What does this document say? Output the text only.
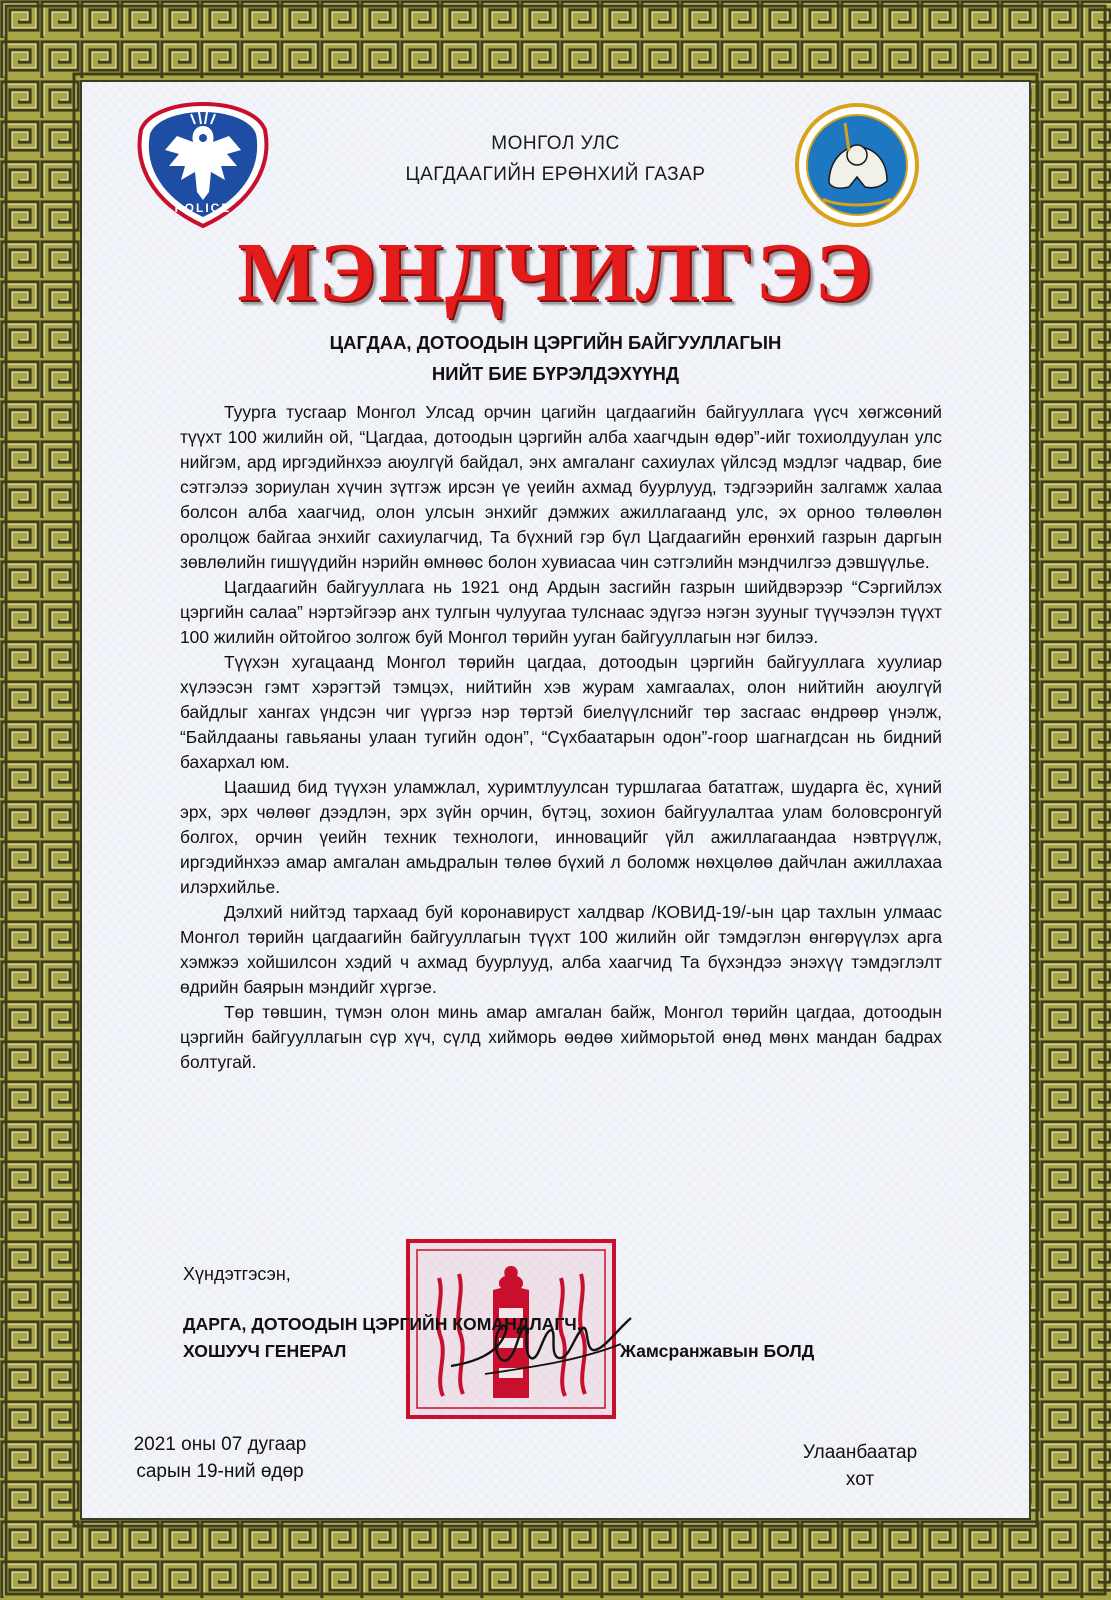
POLICE
МОНГОЛ УЛС
ЦАГДААГИЙН ЕРӨНХИЙ ГАЗАР
МЭНДЧИЛГЭЭ
ЦАГДАА, ДОТООДЫН ЦЭРГИЙН БАЙГУУЛЛАГЫН
НИЙТ БИЕ БҮРЭЛДЭХҮҮНД

Тууpга тусгаар Монгол Улсад орчин цагийн цагдаагийн байгууллага үүсч хөгжсөний түүхт 100 жилийн ой, “Цагдаа, дотоодын цэргийн алба хаагчдын өдөр”-ийг тохиолдуулан улс нийгэм, ард иргэдийнхээ аюулгүй байдал, энх амгаланг сахиулах үйлсэд мэдлэг чадвар, бие сэтгэлээ зориулан хүчин зүтгэж ирсэн үе үеийн ахмад буурлууд, тэдгээрийн залгамж халаа болсон алба хаагчид, олон улсын энхийг дэмжих ажиллагаанд улс, эх орноо төлөөлөн оролцож байгаа энхийг сахиулагчид, Та бүхний гэр бүл Цагдаагийн ерөнхий газрын даргын зөвлөлийн гишүүдийн нэрийн өмнөөс болон хувиасаа чин сэтгэлийн мэндчилгээ дэвшүүлье.

Цагдаагийн байгууллага нь 1921 онд Ардын засгийн газрын шийдвэрээр “Сэргийлэх цэргийн салаа” нэртэйгээр анх тулгын чулуугаа тулснаас эдүгээ нэгэн зууныг түүчээлэн түүхт 100 жилийн ойтойгоо золгож буй Монгол төрийн ууган байгууллагын нэг билээ.

Түүхэн хугацаанд Монгол төрийн цагдаа, дотоодын цэргийн байгууллага хуулиар хүлээсэн гэмт хэрэгтэй тэмцэх, нийтийн хэв журам хамгаалах, олон нийтийн аюулгүй байдлыг хангах үндсэн чиг үүргээ нэр төртэй биелүүлснийг төр засгаас өндрөөр үнэлж, “Байлдааны гавьяаны улаан тугийн одон”, “Сүхбаатарын одон”-гоор шагнагдсан нь бидний бахархал юм.

Цаашид бид түүхэн уламжлал, хуримтлуулсан туршлагаа бататгаж, шударга ёс, хүний эрх, эрх чөлөөг дээдлэн, эрх зүйн орчин, бүтэц, зохион байгуулалтаа улам боловсронгуй болгох, орчин үеийн техник технологи, инновацийг үйл ажиллагаандаа нэвтрүүлж, иргэдийнхээ амар амгалан амьдралын төлөө бүхий л боломж нөхцөлөө дайчлан ажиллахаа илэрхийлье.

Дэлхий нийтэд тархаад буй коронавируст халдвар /КОВИД-19/-ын цар тахлын улмаас Монгол төрийн цагдаагийн байгууллагын түүхт 100 жилийн ойг тэмдэглэн өнгөрүүлэх арга хэмжээ хойшилсон хэдий ч ахмад буурлууд, алба хаагчид Та бүхэндээ энэхүү тэмдэглэлт өдрийн баярын мэндийг хүргэе.

Төр төвшин, түмэн олон минь амар амгалан байж, Монгол төрийн цагдаа, дотоодын цэргийн байгууллагын сүр хүч, сүлд хийморь өөдөө хийморьтой өнөд мөнх мандан бадрах болтугай.

Хүндэтгэсэн,
ДАРГА, ДОТООДЫН ЦЭРГИЙН КОМАНДЛАГЧ,
ХОШУУЧ ГЕНЕРАЛ	Жамсранжавын БОЛД
2021 оны 07 дугаар
сарын 19-ний өдөр
Улаанбаатар
хот
